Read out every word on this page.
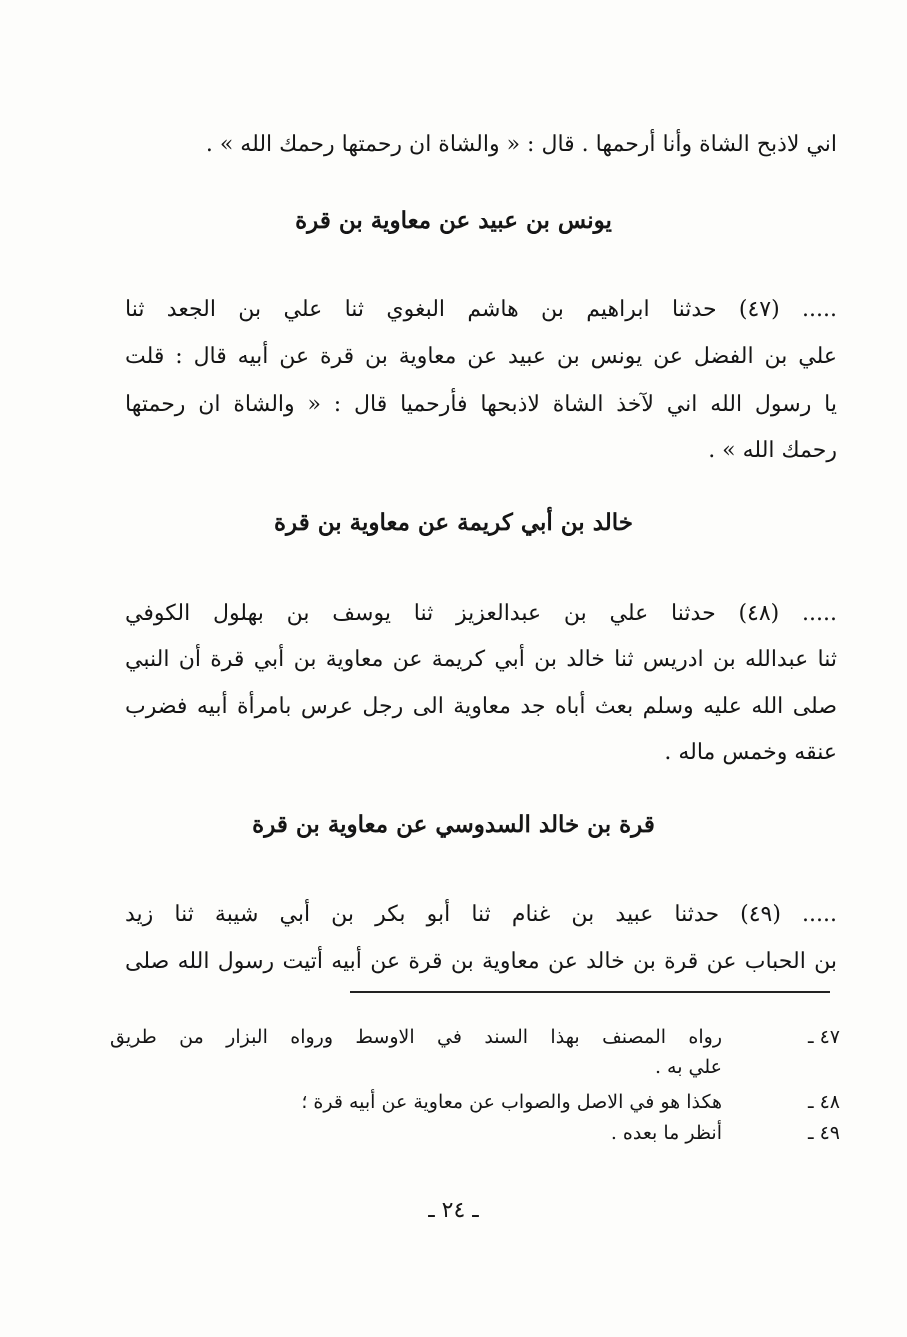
اني لاذبح الشاة وأنا أرحمها . قال : « والشاة ان رحمتها رحمك الله » .
يونس بن عبيد عن معاوية بن قرة
..... (٤٧) حدثنا ابراهيم بن هاشم البغوي ثنا علي بن الجعد ثنا
علي بن الفضل عن يونس بن عبيد عن معاوية بن قرة عن أبيه قال : قلت
يا رسول الله اني لآخذ الشاة لاذبحها فأرحميا قال : « والشاة ان رحمتها
رحمك الله » .
خالد بن أبي كريمة عن معاوية بن قرة
..... (٤٨) حدثنا علي بن عبدالعزيز ثنا يوسف بن بهلول الكوفي
ثنا عبدالله بن ادريس ثنا خالد بن أبي كريمة عن معاوية بن أبي قرة أن النبي
صلى الله عليه وسلم بعث أباه جد معاوية الى رجل عرس بامرأة أبيه فضرب
عنقه وخمس ماله .
قرة بن خالد السدوسي عن معاوية بن قرة
..... (٤٩) حدثنا عبيد بن غنام ثنا أبو بكر بن أبي شيبة ثنا زيد
بن الحباب عن قرة بن خالد عن معاوية بن قرة عن أبيه أتيت رسول الله صلى
٤٧ ـ
رواه المصنف بهذا السند في الاوسط ورواه البزار من طريق
علي به .
٤٨ ـ
هكذا هو في الاصل والصواب عن معاوية عن أبيه قرة ؛
٤٩ ـ
أنظر ما بعده .
ـ ٢٤ ـ
